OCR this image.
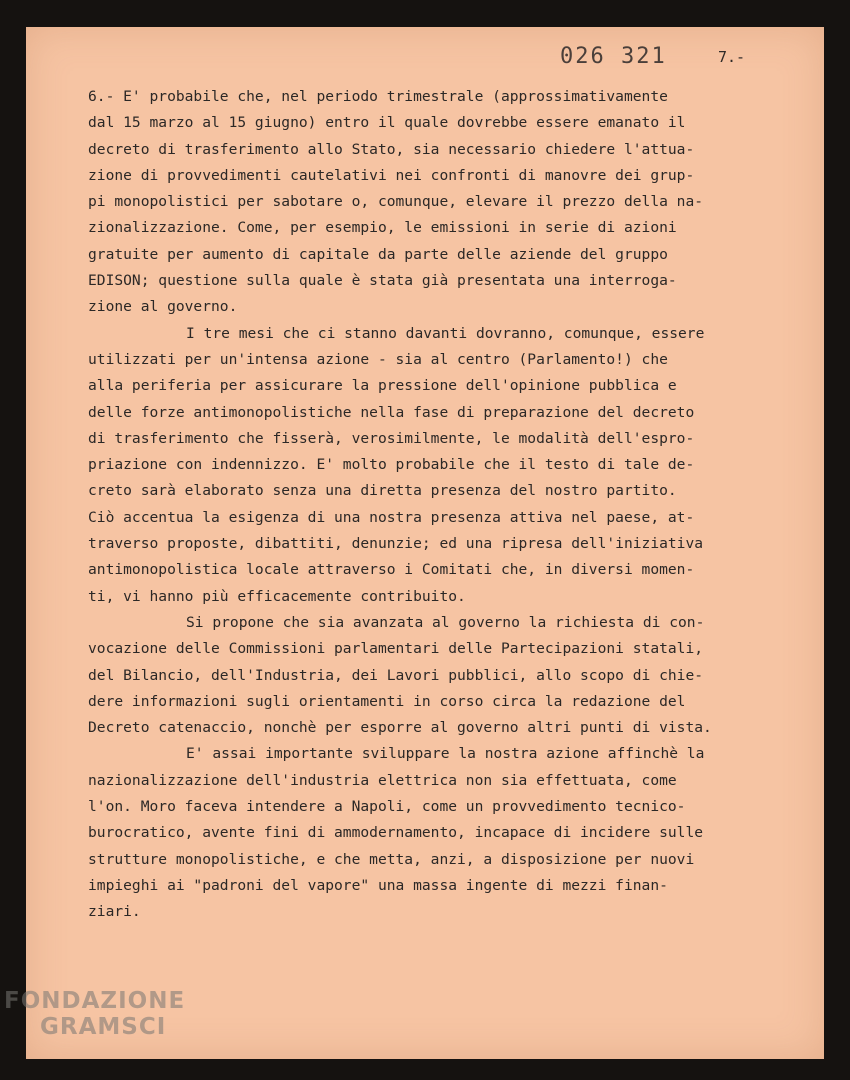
026 321	7.-
6.- E' probabile che, nel periodo trimestrale (approssimativamente
dal 15 marzo al 15 giugno) entro il quale dovrebbe essere emanato il
decreto di trasferimento allo Stato, sia necessario chiedere l'attua-
zione di provvedimenti cautelativi nei confronti di manovre dei grup-
pi monopolistici per sabotare o, comunque, elevare il prezzo della na-
zionalizzazione. Come, per esempio, le emissioni in serie di azioni
gratuite per aumento di capitale da parte delle aziende del gruppo
EDISON; questione sulla quale è stata già presentata una interroga-
zione al governo.
I tre mesi che ci stanno davanti dovranno, comunque, essere
utilizzati per un'intensa azione - sia al centro (Parlamento!) che
alla periferia per assicurare la pressione dell'opinione pubblica e
delle forze antimonopolistiche nella fase di preparazione del decreto
di trasferimento che fisserà, verosimilmente, le modalità dell'espro-
priazione con indennizzo. E' molto probabile che il testo di tale de-
creto sarà elaborato senza una diretta presenza del nostro partito.
Ciò accentua la esigenza di una nostra presenza attiva nel paese, at-
traverso proposte, dibattiti, denunzie; ed una ripresa dell'iniziativa
antimonopolistica locale attraverso i Comitati che, in diversi momen-
ti, vi hanno più efficacemente contribuito.
Si propone che sia avanzata al governo la richiesta di con-
vocazione delle Commissioni parlamentari delle Partecipazioni statali,
del Bilancio, dell'Industria, dei Lavori pubblici, allo scopo di chie-
dere informazioni sugli orientamenti in corso circa la redazione del
Decreto catenaccio, nonchè per esporre al governo altri punti di vista.
E' assai importante sviluppare la nostra azione affinchè la
nazionalizzazione dell'industria elettrica non sia effettuata, come
l'on. Moro faceva intendere a Napoli, come un provvedimento tecnico-
burocratico, avente fini di ammodernamento, incapace di incidere sulle
strutture monopolistiche, e che metta, anzi, a disposizione per nuovi
impieghi ai "padroni del vapore" una massa ingente di mezzi finan-
ziari.
FONDAZIONE
GRAMSCI
